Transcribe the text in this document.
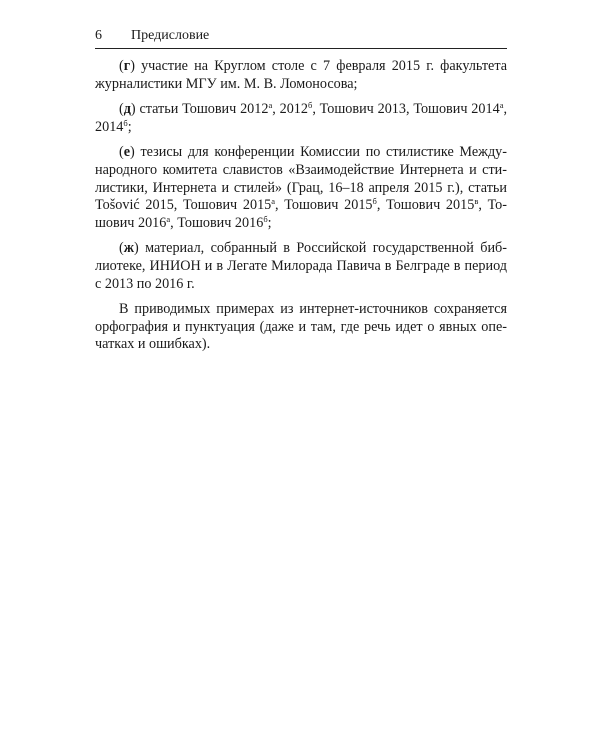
6 Предисловие

(г) участие на Круглом столе с 7 февраля 2015 г. факультета журналистики МГУ им. М. В. Ломоносова;

(д) статьи Тошович $2012^а$, $2012^б$, Тошович 2013, Тошович $2014^а$, $2014^б$;

(е) тезисы для конференции Комиссии по стилистике Международного комитета славистов «Взаимодействие Интернета и стилистики, Интернета и стилей» (Грац, 16–18 апреля 2015 г.), статьи Tošović 2015, Тошович $2015^а$, Тошович $2015^б$, Тошович $2015^в$, Тошович $2016^а$, Тошович $2016^б$;

(ж) материал, собранный в Российской государственной библиотеке, ИНИОН и в Легате Милорада Павича в Белграде в период с 2013 по 2016 г.

В приводимых примерах из интернет-источников сохраняется орфография и пунктуация (даже и там, где речь идет о явных опечатках и ошибках).
